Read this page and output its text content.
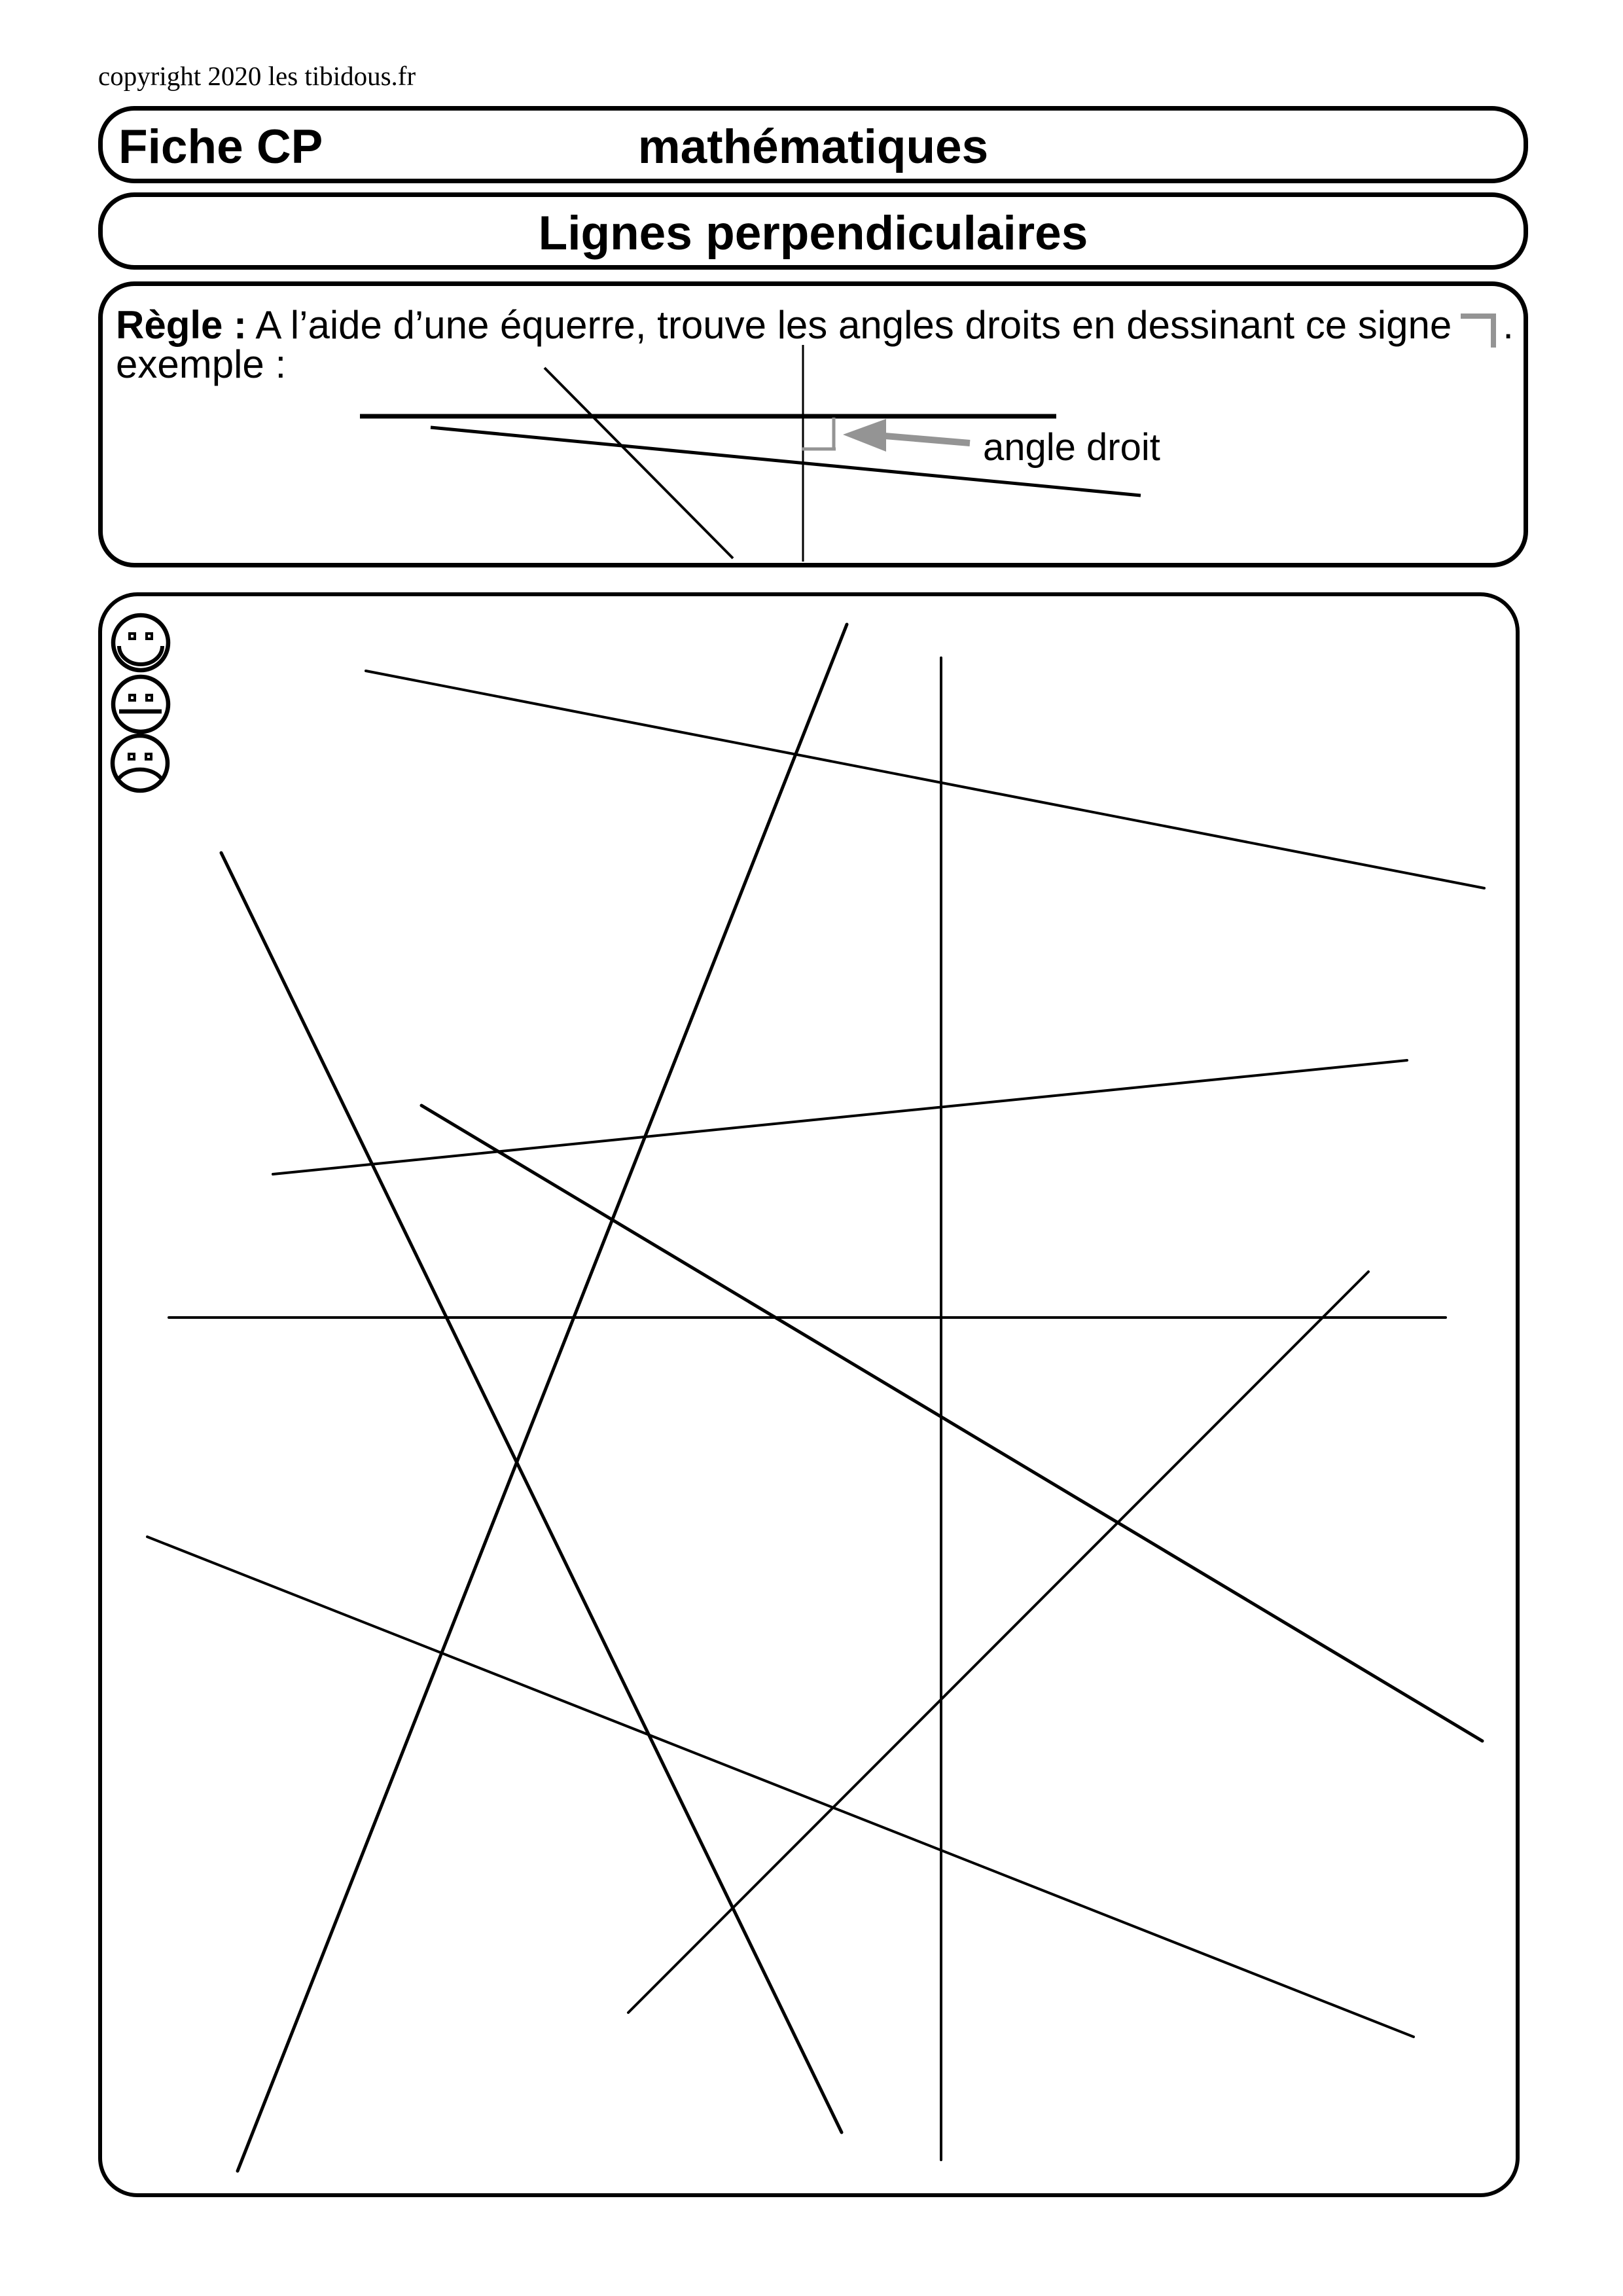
copyright 2020 les tibidous.fr
Fiche CP	mathématiques
Lignes perpendiculaires
Règle : A l’aide d’une équerre, trouve les angles droits en dessinant ce signe .
exemple :
angle droit
